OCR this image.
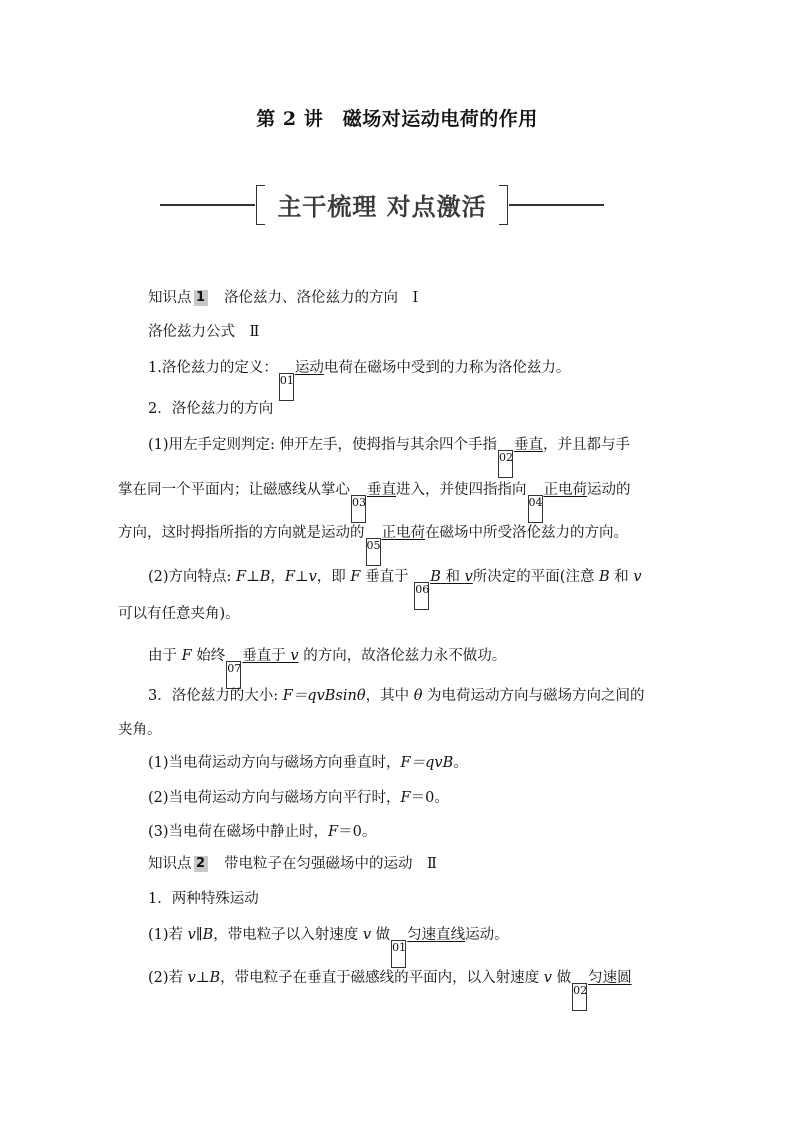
第 2 讲　磁场对运动电荷的作用
主干梳理 对点激活
知识点 1　 洛伦兹力、洛伦兹力的方向　 Ⅰ
洛伦兹力公式　 Ⅱ
1.洛伦兹力的定义：01运动电荷在磁场中受到的力称为洛伦兹力。
2．洛伦兹力的方向
(1)用左手定则判定: 伸开左手，使拇指与其余四个手指02垂直，并且都与手
掌在同一个平面内；让磁感线从掌心03垂直进入，并使四指指向04正电荷运动的
方向，这时拇指所指的方向就是运动的05正电荷在磁场中所受洛伦兹力的方向。
(2)方向特点: F⊥B，F⊥v，即 F 垂直于 06B 和 v所决定的平面(注意 B 和 v
可以有任意夹角)。
由于 F 始终07垂直于 v 的方向，故洛伦兹力永不做功。
3．洛伦兹力的大小: F＝qvBsinθ，其中 θ 为电荷运动方向与磁场方向之间的
夹角。
(1)当电荷运动方向与磁场方向垂直时，F＝qvB。
(2)当电荷运动方向与磁场方向平行时，F＝0。
(3)当电荷在磁场中静止时，F＝0。
知识点 2　 带电粒子在匀强磁场中的运动　 Ⅱ
1．两种特殊运动
(1)若 v∥B，带电粒子以入射速度 v 做01匀速直线运动。
(2)若 v⊥B，带电粒子在垂直于磁感线的平面内，以入射速度 v 做02匀速圆
